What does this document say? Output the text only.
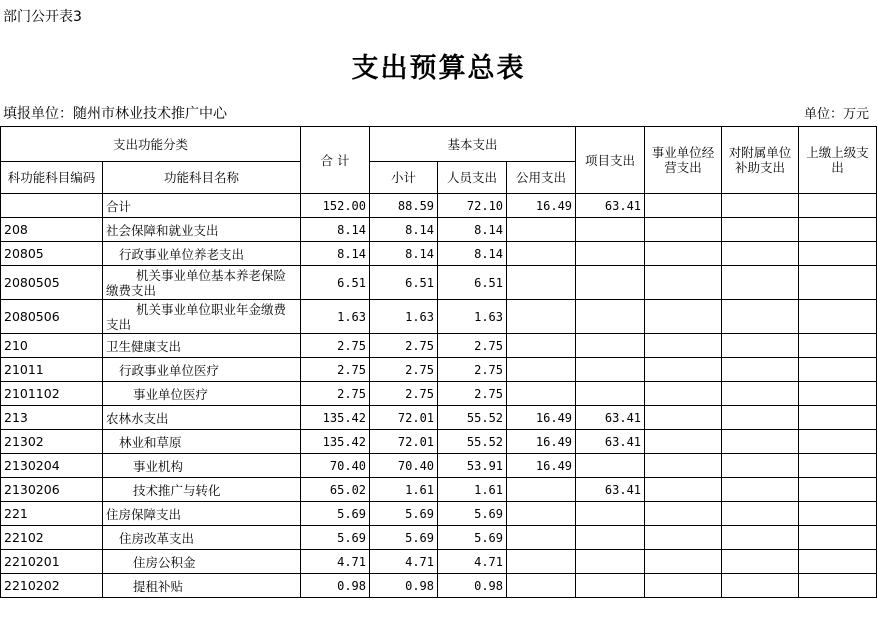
部门公开表3
支出预算总表
填报单位：随州市林业技术推广中心	单位：万元
支出功能分类		合 计	基本支出			项目支出	事业单位经营支出	对附属单位补助支出	上缴上级支出
科功能科目编码	功能科目名称		小计	人员支出	公用支出				
	合计	152.00	88.59	72.10	16.49	63.41			
208	社会保障和就业支出	8.14	8.14	8.14					
20805	行政事业单位养老支出	8.14	8.14	8.14					
2080505	机关事业单位基本养老保险缴费支出	6.51	6.51	6.51					
2080506	机关事业单位职业年金缴费支出	1.63	1.63	1.63					
210	卫生健康支出	2.75	2.75	2.75					
21011	行政事业单位医疗	2.75	2.75	2.75					
2101102	事业单位医疗	2.75	2.75	2.75					
213	农林水支出	135.42	72.01	55.52	16.49	63.41			
21302	林业和草原	135.42	72.01	55.52	16.49	63.41			
2130204	事业机构	70.40	70.40	53.91	16.49				
2130206	技术推广与转化	65.02	1.61	1.61		63.41			
221	住房保障支出	5.69	5.69	5.69					
22102	住房改革支出	5.69	5.69	5.69					
2210201	住房公积金	4.71	4.71	4.71					
2210202	提租补贴	0.98	0.98	0.98					
